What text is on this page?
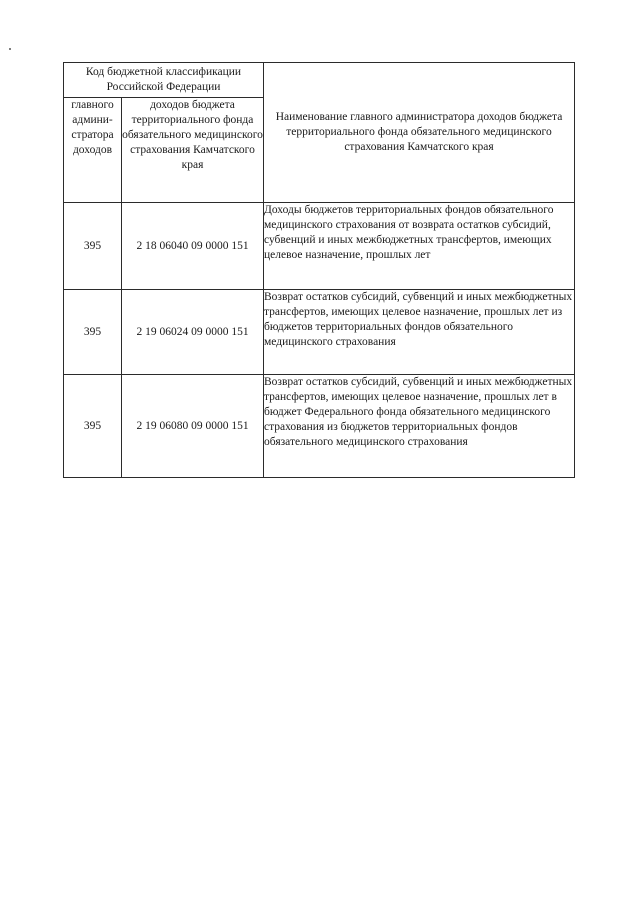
Код бюджетной классификации Российской Федерации		Наименование главного администратора доходов бюджета территориального фонда обязательного медицинского страхования Камчатского края
главного админи-стратора доходов	доходов бюджета территориального фонда обязательного медицинского страхования Камчатского края	
395	2 18 06040 09 0000 151	Доходы бюджетов территориальных фондов обязательного медицинского страхования от возврата остатков субсидий, субвенций и иных межбюджетных трансфертов, имеющих целевое назначение, прошлых лет
395	2 19 06024 09 0000 151	Возврат остатков субсидий, субвенций и иных межбюджетных трансфертов, имеющих целевое назначение, прошлых лет из бюджетов территориальных фондов обязательного медицинского страхования
395	2 19 06080 09 0000 151	Возврат остатков субсидий, субвенций и иных межбюджетных трансфертов, имеющих целевое назначение, прошлых лет в бюджет Федерального фонда обязательного медицинского страхования из бюджетов территориальных фондов обязательного медицинского страхования
